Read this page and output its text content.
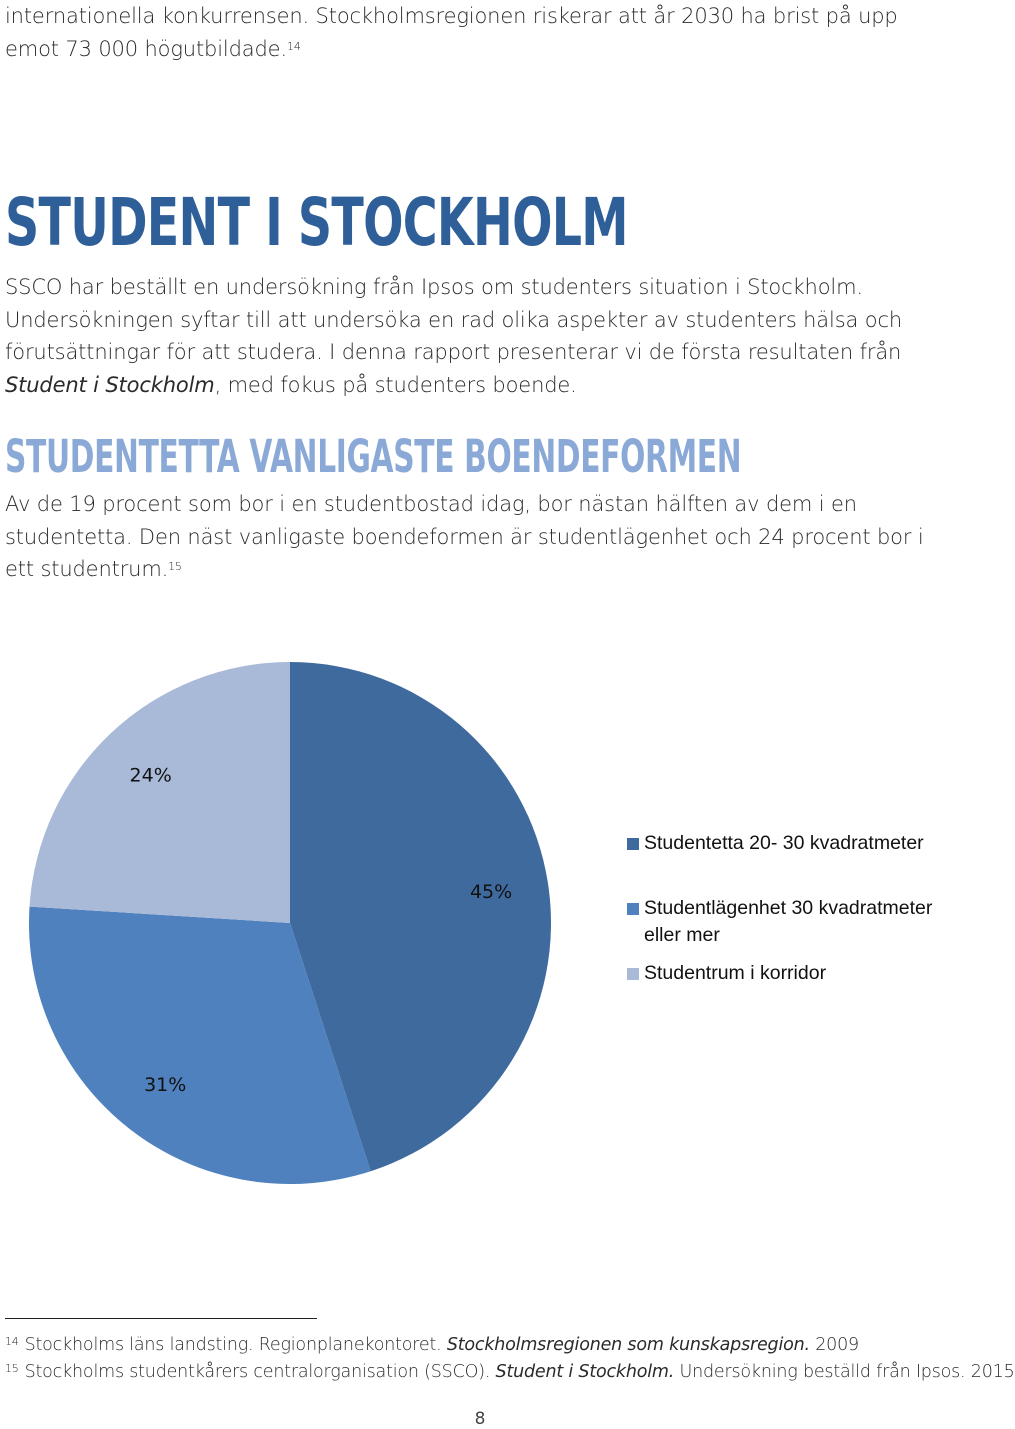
internationella konkurrensen. Stockholmsregionen riskerar att år 2030 ha brist på upp emot 73 000 högutbildade.$^{14}$

STUDENT I STOCKHOLM

SSCO har beställt en undersökning från Ipsos om studenters situation i Stockholm. Undersökningen syftar till att undersöka en rad olika aspekter av studenters hälsa och förutsättningar för att studera. I denna rapport presenterar vi de första resultaten från Student i Stockholm, med fokus på studenters boende.

STUDENTETTA VANLIGASTE BOENDEFORMEN

Av de 19 procent som bor i en studentbostad idag, bor nästan hälften av dem i en studentetta. Den näst vanligaste boendeformen är studentlägenhet och 24 procent bor i ett studentrum.$^{15}$

45%
31%
24%
Studentetta 20- 30 kvadratmeter
Studentlägenhet 30 kvadratmeter eller mer
Studentrum i korridor
$^{14}$ Stockholms läns landsting. Regionplanekontoret. Stockholmsregionen som kunskapsregion. 2009
$^{15}$ Stockholms studentkårers centralorganisation (SSCO). Student i Stockholm. Undersökning beställd från Ipsos. 2015
8
